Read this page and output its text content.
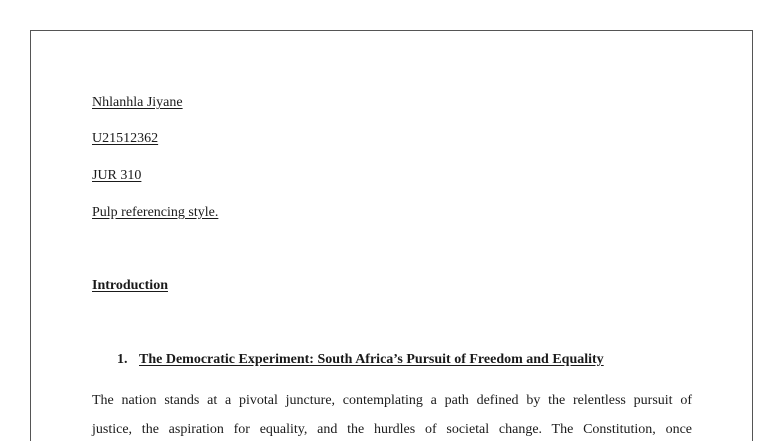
Nhlanhla Jiyane
U21512362
JUR 310
Pulp referencing style.
Introduction
1. The Democratic Experiment: South Africa’s Pursuit of Freedom and Equality
The nation stands at a pivotal juncture, contemplating a path defined by the relentless pursuit of
justice, the aspiration for equality, and the hurdles of societal change. The Constitution, once
